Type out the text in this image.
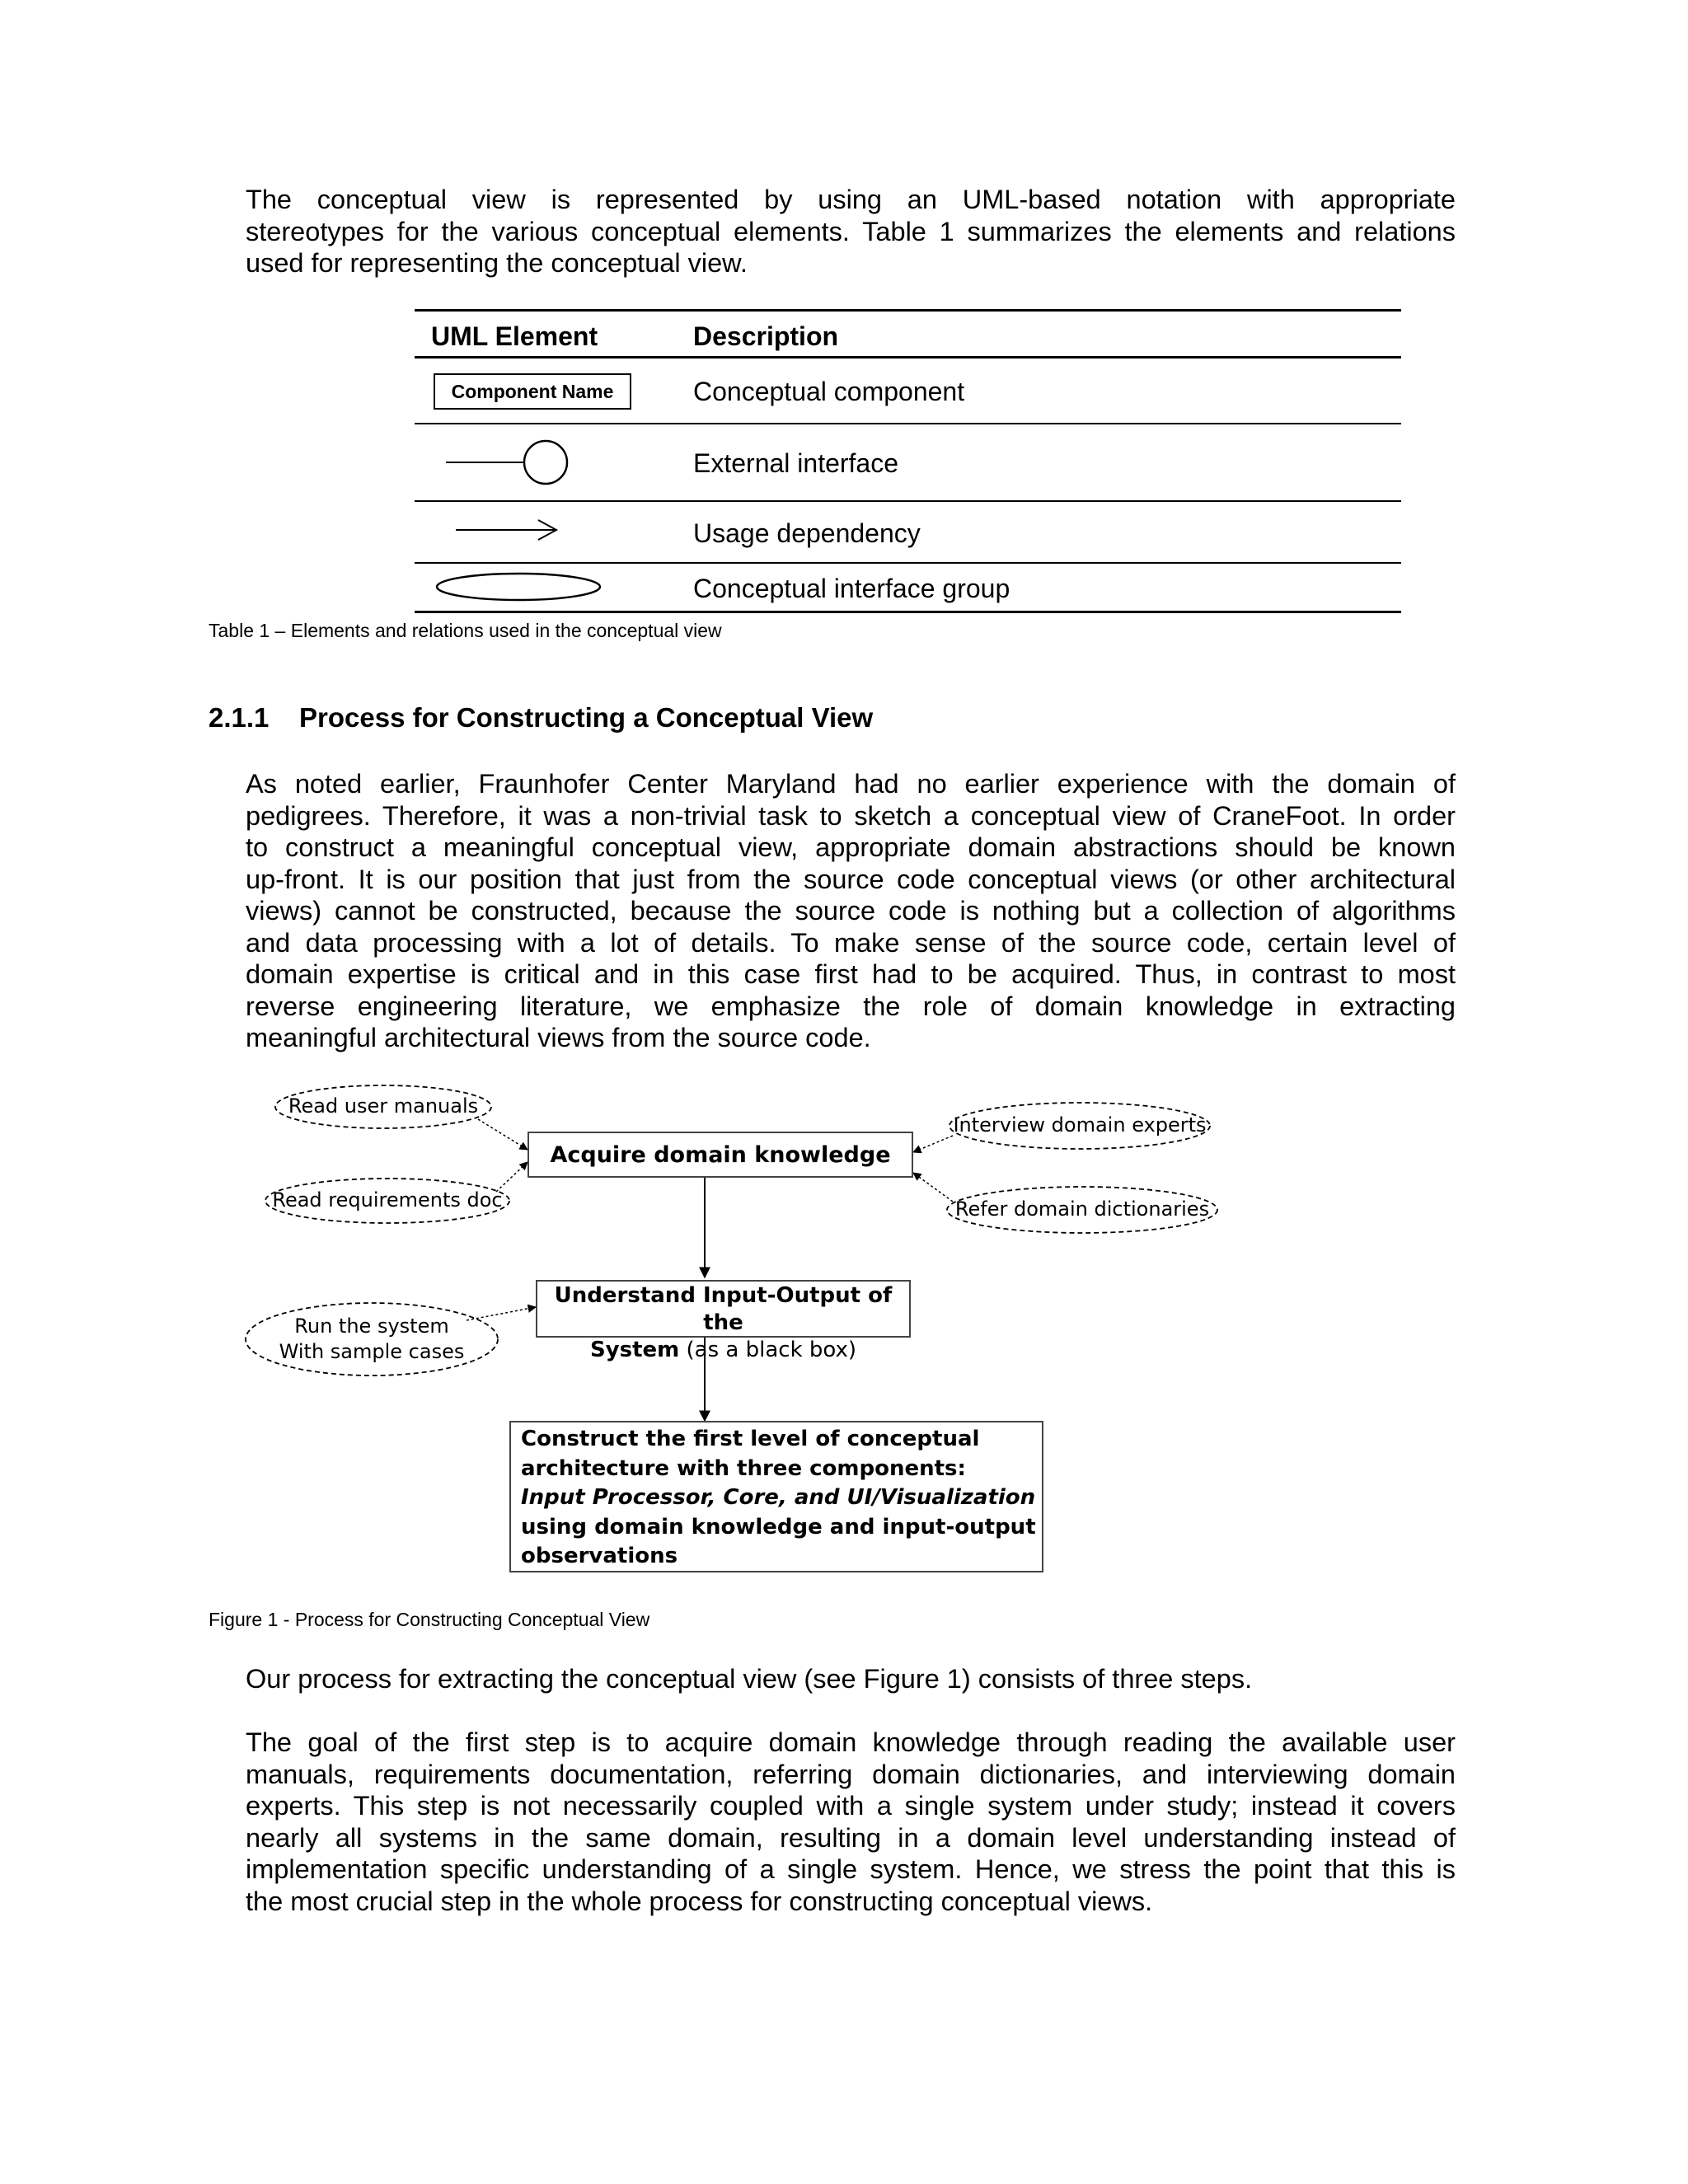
The conceptual view is represented by using an UML-based notation with appropriate
stereotypes for the various conceptual elements. Table 1 summarizes the elements and relations
used for representing the conceptual view.
UML Element	Description
Component Name	Conceptual component
External interface
Usage dependency
Conceptual interface group
Table 1 – Elements and relations used in the conceptual view
2.1.1 Process for Constructing a Conceptual View
As noted earlier, Fraunhofer Center Maryland had no earlier experience with the domain of
pedigrees. Therefore, it was a non-trivial task to sketch a conceptual view of CraneFoot. In order
to construct a meaningful conceptual view, appropriate domain abstractions should be known
up-front. It is our position that just from the source code conceptual views (or other architectural
views) cannot be constructed, because the source code is nothing but a collection of algorithms
and data processing with a lot of details. To make sense of the source code, certain level of
domain expertise is critical and in this case first had to be acquired. Thus, in contrast to most
reverse engineering literature, we emphasize the role of domain knowledge in extracting
meaningful architectural views from the source code.
Read user manuals
Read requirements doc
Interview domain experts
Refer domain dictionaries
Run the system
With sample cases
Acquire domain knowledge
Understand Input-Output of the
System (as a black box)
Construct the first level of conceptual
architecture with three components:
Input Processor, Core, and UI/Visualization
using domain knowledge and input-output
observations
Figure 1 - Process for Constructing Conceptual View
Our process for extracting the conceptual view (see Figure 1) consists of three steps.
The goal of the first step is to acquire domain knowledge through reading the available user
manuals, requirements documentation, referring domain dictionaries, and interviewing domain
experts. This step is not necessarily coupled with a single system under study; instead it covers
nearly all systems in the same domain, resulting in a domain level understanding instead of
implementation specific understanding of a single system. Hence, we stress the point that this is
the most crucial step in the whole process for constructing conceptual views.
